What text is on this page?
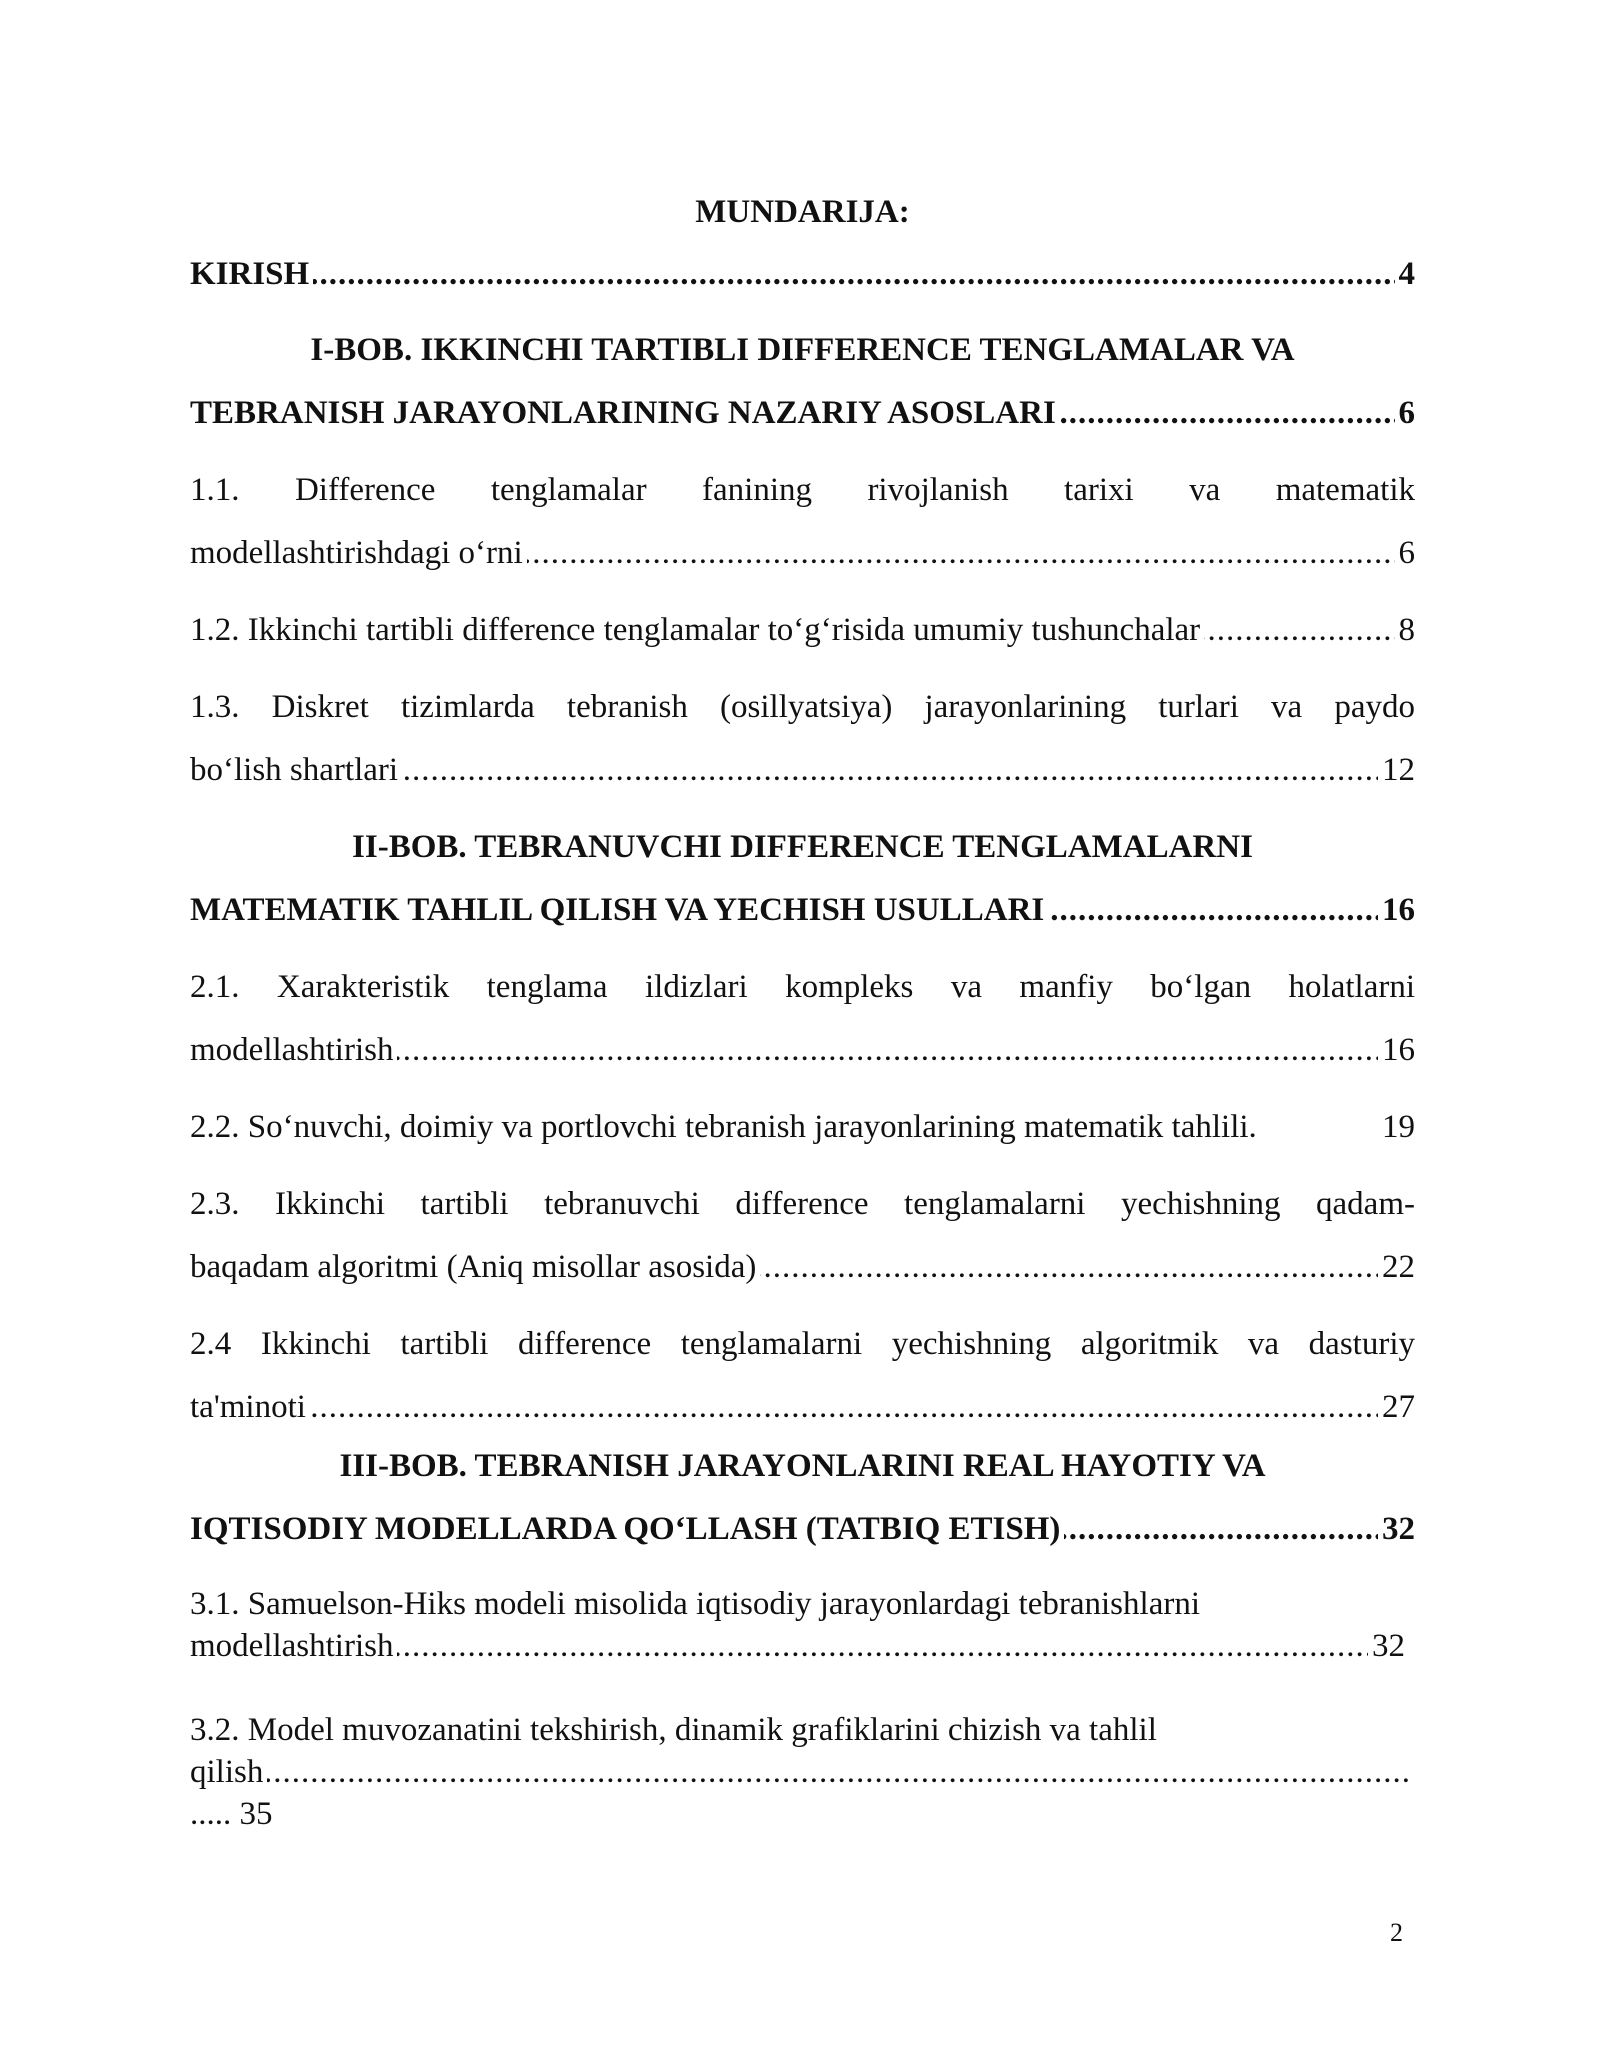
MUNDARIJA:
.....
KIRISH	4
I-BOB. IKKINCHI TARTIBLI DIFFERENCE TENGLAMALAR VA
.....
TEBRANISH JARAYONLARINING NAZARIY ASOSLARI	6
1.1. Difference tenglamalar fanining rivojlanish tarixi va matematik
.....
modellashtirishdagi o‘rni	6
.....
1.2. Ikkinchi tartibli difference tenglamalar to‘g‘risida umumiy tushunchalar	8
1.3. Diskret tizimlarda tebranish (osillyatsiya) jarayonlarining turlari va paydo
.....
bo‘lish shartlari	12
II-BOB. TEBRANUVCHI DIFFERENCE TENGLAMALARNI
.....
MATEMATIK TAHLIL QILISH VA YECHISH USULLARI	16
2.1. Xarakteristik tenglama ildizlari kompleks va manfiy bo‘lgan holatlarni
.....
modellashtirish	16
2.2. So‘nuvchi, doimiy va portlovchi tebranish jarayonlarining matematik tahlili.	19
2.3. Ikkinchi tartibli tebranuvchi difference tenglamalarni yechishning qadam-
.....
baqadam algoritmi (Aniq misollar asosida)	22
2.4 Ikkinchi tartibli difference tenglamalarni yechishning algoritmik va dasturiy
.....
ta'minoti	27
III-BOB. TEBRANISH JARAYONLARINI REAL HAYOTIY VA
.....
IQTISODIY MODELLARDA QO‘LLASH (TATBIQ ETISH)	32
3.1. Samuelson-Hiks modeli misolida iqtisodiy jarayonlardagi tebranishlarni
.....
modellashtirish	32
3.2. Model muvozanatini tekshirish, dinamik grafiklarini chizish va tahlil
.....
qilish
..... 35
2
